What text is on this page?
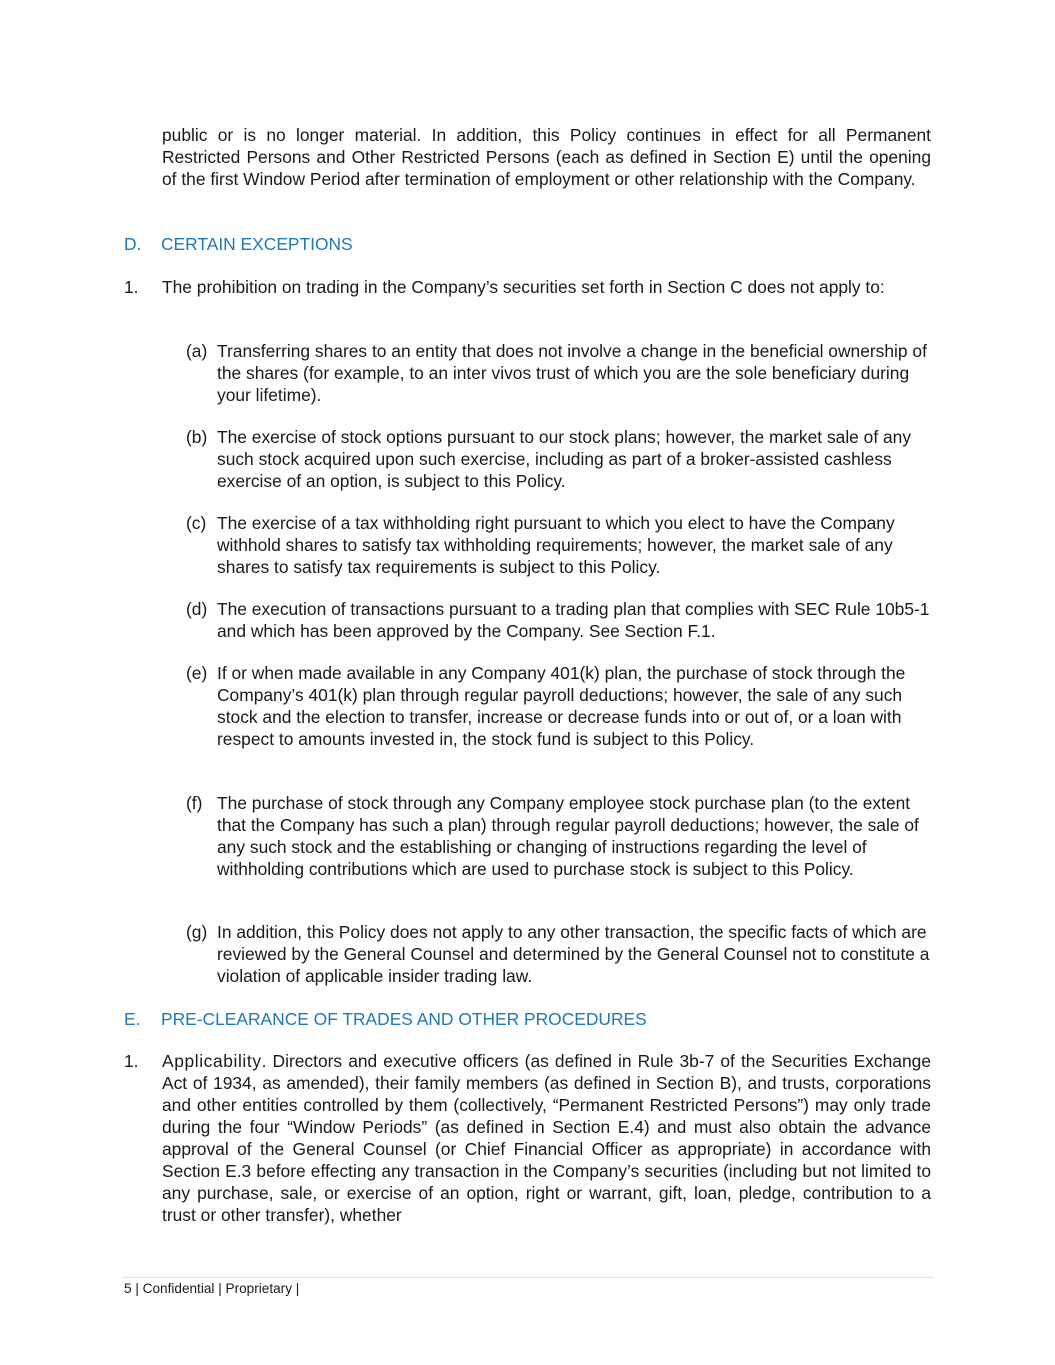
public or is no longer material. In addition, this Policy continues in effect for all Permanent Restricted Persons and Other Restricted Persons (each as defined in Section E) until the opening of the first Window Period after termination of employment or other relationship with the Company.

D. CERTAIN EXCEPTIONS

1. The prohibition on trading in the Company’s securities set forth in Section C does not apply to:
(a) Transferring shares to an entity that does not involve a change in the beneficial ownership of the shares (for example, to an inter vivos trust of which you are the sole beneficiary during your lifetime).
(b) The exercise of stock options pursuant to our stock plans; however, the market sale of any such stock acquired upon such exercise, including as part of a broker-assisted cashless exercise of an option, is subject to this Policy.
(c) The exercise of a tax withholding right pursuant to which you elect to have the Company withhold shares to satisfy tax withholding requirements; however, the market sale of any shares to satisfy tax requirements is subject to this Policy.
(d) The execution of transactions pursuant to a trading plan that complies with SEC Rule 10b5-1 and which has been approved by the Company. See Section F.1.
(e) If or when made available in any Company 401(k) plan, the purchase of stock through the Company’s 401(k) plan through regular payroll deductions; however, the sale of any such stock and the election to transfer, increase or decrease funds into or out of, or a loan with respect to amounts invested in, the stock fund is subject to this Policy.
(f) The purchase of stock through any Company employee stock purchase plan (to the extent that the Company has such a plan) through regular payroll deductions; however, the sale of any such stock and the establishing or changing of instructions regarding the level of withholding contributions which are used to purchase stock is subject to this Policy.
(g) In addition, this Policy does not apply to any other transaction, the specific facts of which are reviewed by the General Counsel and determined by the General Counsel not to constitute a violation of applicable insider trading law.

E. PRE-CLEARANCE OF TRADES AND OTHER PROCEDURES

1. Applicability. Directors and executive officers (as defined in Rule 3b-7 of the Securities Exchange Act of 1934, as amended), their family members (as defined in Section B), and trusts, corporations and other entities controlled by them (collectively, “Permanent Restricted Persons”) may only trade during the four “Window Periods” (as defined in Section E.4) and must also obtain the advance approval of the General Counsel (or Chief Financial Officer as appropriate) in accordance with Section E.3 before effecting any transaction in the Company’s securities (including but not limited to any purchase, sale, or exercise of an option, right or warrant, gift, loan, pledge, contribution to a trust or other transfer), whether
5 | Confidential | Proprietary |
